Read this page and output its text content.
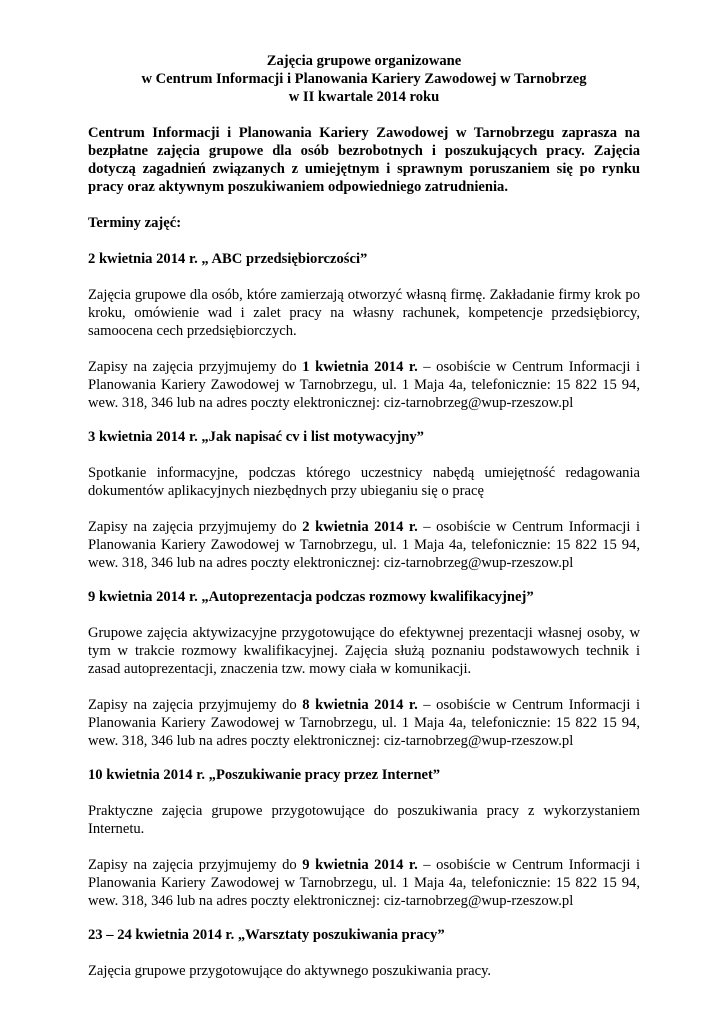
Zajęcia grupowe organizowane
w Centrum Informacji i Planowania Kariery Zawodowej w Tarnobrzeg
w II kwartale 2014 roku

Centrum Informacji i Planowania Kariery Zawodowej w Tarnobrzegu zaprasza na bezpłatne zajęcia grupowe dla osób bezrobotnych i poszukujących pracy. Zajęcia dotyczą zagadnień związanych z umiejętnym i sprawnym poruszaniem się po rynku pracy oraz aktywnym poszukiwaniem odpowiedniego zatrudnienia.

Terminy zajęć:

2 kwietnia 2014 r. „ ABC przedsiębiorczości”

Zajęcia grupowe dla osób, które zamierzają otworzyć własną firmę. Zakładanie firmy krok po kroku, omówienie wad i zalet pracy na własny rachunek, kompetencje przedsiębiorcy, samoocena cech przedsiębiorczych.

Zapisy na zajęcia przyjmujemy do 1 kwietnia 2014 r. – osobiście w Centrum Informacji i Planowania Kariery Zawodowej w Tarnobrzegu, ul. 1 Maja 4a, telefonicznie: 15 822 15 94, wew. 318, 346 lub na adres poczty elektronicznej: ciz-tarnobrzeg@wup-rzeszow.pl

3 kwietnia 2014 r. „Jak napisać cv i list motywacyjny”

Spotkanie informacyjne, podczas którego uczestnicy nabędą umiejętność redagowania dokumentów aplikacyjnych niezbędnych przy ubieganiu się o pracę

Zapisy na zajęcia przyjmujemy do 2 kwietnia 2014 r. – osobiście w Centrum Informacji i Planowania Kariery Zawodowej w Tarnobrzegu, ul. 1 Maja 4a, telefonicznie: 15 822 15 94, wew. 318, 346 lub na adres poczty elektronicznej: ciz-tarnobrzeg@wup-rzeszow.pl

9 kwietnia 2014 r. „Autoprezentacja podczas rozmowy kwalifikacyjnej”

Grupowe zajęcia aktywizacyjne przygotowujące do efektywnej prezentacji własnej osoby, w tym w trakcie rozmowy kwalifikacyjnej. Zajęcia służą poznaniu podstawowych technik i zasad autoprezentacji, znaczenia tzw. mowy ciała w komunikacji.

Zapisy na zajęcia przyjmujemy do 8 kwietnia 2014 r. – osobiście w Centrum Informacji i Planowania Kariery Zawodowej w Tarnobrzegu, ul. 1 Maja 4a, telefonicznie: 15 822 15 94, wew. 318, 346 lub na adres poczty elektronicznej: ciz-tarnobrzeg@wup-rzeszow.pl

10 kwietnia 2014 r. „Poszukiwanie pracy przez Internet”

Praktyczne zajęcia grupowe przygotowujące do poszukiwania pracy z wykorzystaniem Internetu.

Zapisy na zajęcia przyjmujemy do 9 kwietnia 2014 r. – osobiście w Centrum Informacji i Planowania Kariery Zawodowej w Tarnobrzegu, ul. 1 Maja 4a, telefonicznie: 15 822 15 94, wew. 318, 346 lub na adres poczty elektronicznej: ciz-tarnobrzeg@wup-rzeszow.pl

23 – 24 kwietnia 2014 r. „Warsztaty poszukiwania pracy”

Zajęcia grupowe przygotowujące do aktywnego poszukiwania pracy.
